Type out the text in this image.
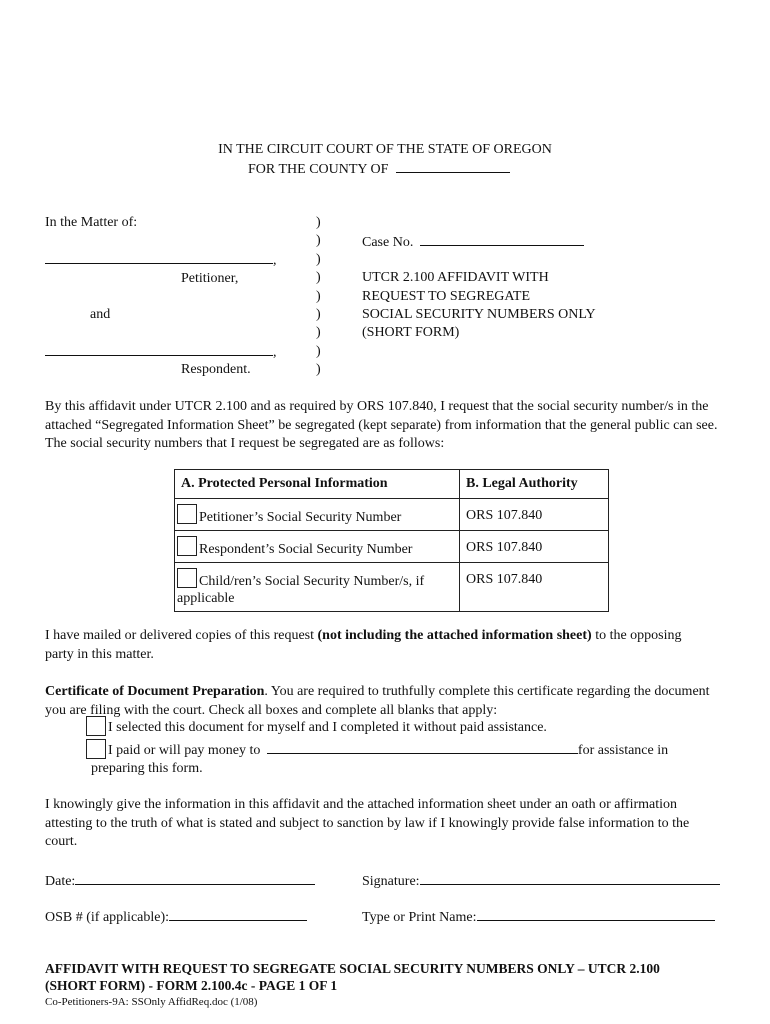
IN THE CIRCUIT COURT OF THE STATE OF OREGON
FOR THE COUNTY OF
In the Matter of:
,
Petitioner,
and
,
Respondent.
)
)
)
)
)
)
)
)
)
Case No.
UTCR 2.100 AFFIDAVIT WITH
REQUEST TO SEGREGATE
SOCIAL SECURITY NUMBERS ONLY
(SHORT FORM)
By this affidavit under UTCR 2.100 and as required by ORS 107.840, I request that the social security number/s in the attached “Segregated Information Sheet” be segregated (kept separate) from information that the general public can see. The social security numbers that I request be segregated are as follows:
A. Protected Personal Information	B. Legal Authority
Petitioner’s Social Security Number	ORS 107.840
Respondent’s Social Security Number	ORS 107.840
Child/ren’s Social Security Number/s, if applicable	ORS 107.840
I have mailed or delivered copies of this request (not including the attached information sheet) to the opposing party in this matter.
Certificate of Document Preparation. You are required to truthfully complete this certificate regarding the document you are filing with the court. Check all boxes and complete all blanks that apply:
I selected this document for myself and I completed it without paid assistance.
I paid or will pay money to	for assistance in
preparing this form.
I knowingly give the information in this affidavit and the attached information sheet under an oath or affirmation attesting to the truth of what is stated and subject to sanction by law if I knowingly provide false information to the court.
Date:	Signature:
OSB # (if applicable):	Type or Print Name:
AFFIDAVIT WITH REQUEST TO SEGREGATE SOCIAL SECURITY NUMBERS ONLY – UTCR 2.100
(SHORT FORM) - FORM 2.100.4c - PAGE 1 OF 1
Co-Petitioners-9A: SSOnly AffidReq.doc (1/08)
